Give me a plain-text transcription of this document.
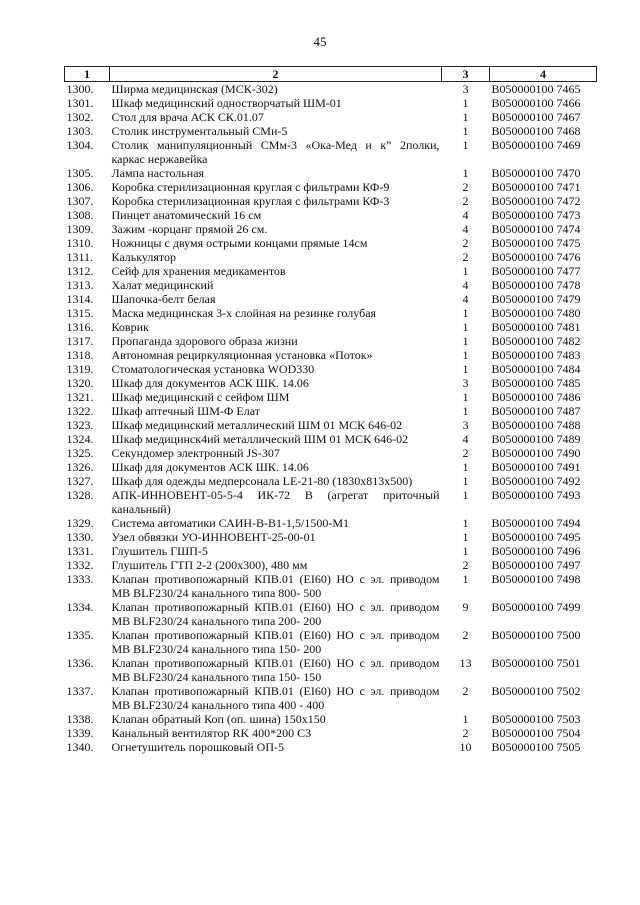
45
1	2	3	4
1300.	Ширма медицинская (МСК-302)	3	В050000100 7465
1301.	Шкаф медицинский одностворчатый ШМ-01	1	В050000100 7466
1302.	Стол для врача АСК СК.01.07	1	В050000100 7467
1303.	Столик инструментальный СМи-5	1	В050000100 7468
1304.	Столик манипуляционный СМм-3 «Ока-Мед и к” 2полки, каркас нержавейка	1	В050000100 7469
1305.	Лампа настольная	1	В050000100 7470
1306.	Коробка стерилизационная круглая с фильтрами КФ-9	2	В050000100 7471
1307.	Коробка стерилизационная круглая с фильтрами КФ-3	2	В050000100 7472
1308.	Пинцет анатомический 16 см	4	В050000100 7473
1309.	Зажим -корцанг прямой 26 см.	4	В050000100 7474
1310.	Ножницы с двумя острыми концами прямые 14см	2	В050000100 7475
1311.	Калькулятор	2	В050000100 7476
1312.	Сейф для хранения медикаментов	1	В050000100 7477
1313.	Халат медицинский	4	В050000100 7478
1314.	Шапочка-белт белая	4	В050000100 7479
1315.	Маска медицинская 3-х слойная на резинке голубая	1	В050000100 7480
1316.	Коврик	1	В050000100 7481
1317.	Пропаганда здорового образа жизни	1	В050000100 7482
1318.	Автономная рециркуляционная установка «Поток»	1	В050000100 7483
1319.	Стоматологическая установка WOD330	1	В050000100 7484
1320.	Шкаф для документов АСК ШК. 14.06	3	В050000100 7485
1321.	Шкаф медицинский с сейфом ШМ	1	В050000100 7486
1322.	Шкаф аптечный ШМ-Ф Елат	1	В050000100 7487
1323.	Шкаф медицинский металлический ШМ 01 МСК 646-02	3	В050000100 7488
1324.	Шкаф медицинск4ий металлический ШМ 01 МСК 646-02	4	В050000100 7489
1325.	Секундомер электронный JS-307	2	В050000100 7490
1326.	Шкаф для документов АСК ШК. 14.06	1	В050000100 7491
1327.	Шкаф для одежды медперсонала LE-21-80 (1830х813х500)	1	В050000100 7492
1328.	АПК-ИННОВЕНТ-05-5-4 ИК-72 В (агрегат приточный канальный)	1	В050000100 7493
1329.	Система автоматики САИН-В-В1-1,5/1500-М1	1	В050000100 7494
1330.	Узел обвязки УО-ИННОВЕНТ-25-00-01	1	В050000100 7495
1331.	Глушитель ГШП-5	1	В050000100 7496
1332.	Глушитель ГТП 2-2 (200х300), 480 мм	2	В050000100 7497
1333.	Клапан противопожарный КПВ.01 (EI60) НО с эл. приводом MB BLF230/24 канального типа 800- 500	1	В050000100 7498
1334.	Клапан противопожарный КПВ.01 (EI60) НО с эл. приводом MB BLF230/24 канального типа 200- 200	9	В050000100 7499
1335.	Клапан противопожарный КПВ.01 (EI60) НО с эл. приводом MB BLF230/24 канального типа 150- 200	2	В050000100 7500
1336.	Клапан противопожарный КПВ.01 (EI60) НО с эл. приводом MB BLF230/24 канального типа 150- 150	13	В050000100 7501
1337.	Клапан противопожарный КПВ.01 (EI60) НО с эл. приводом MB BLF230/24 канального типа 400 - 400	2	В050000100 7502
1338.	Клапан обратный Коп (оп. шина) 150х150	1	В050000100 7503
1339.	Канальный вентилятор RK 400*200 С3	2	В050000100 7504
1340.	Огнетушитель порошковый ОП-5	10	В050000100 7505
